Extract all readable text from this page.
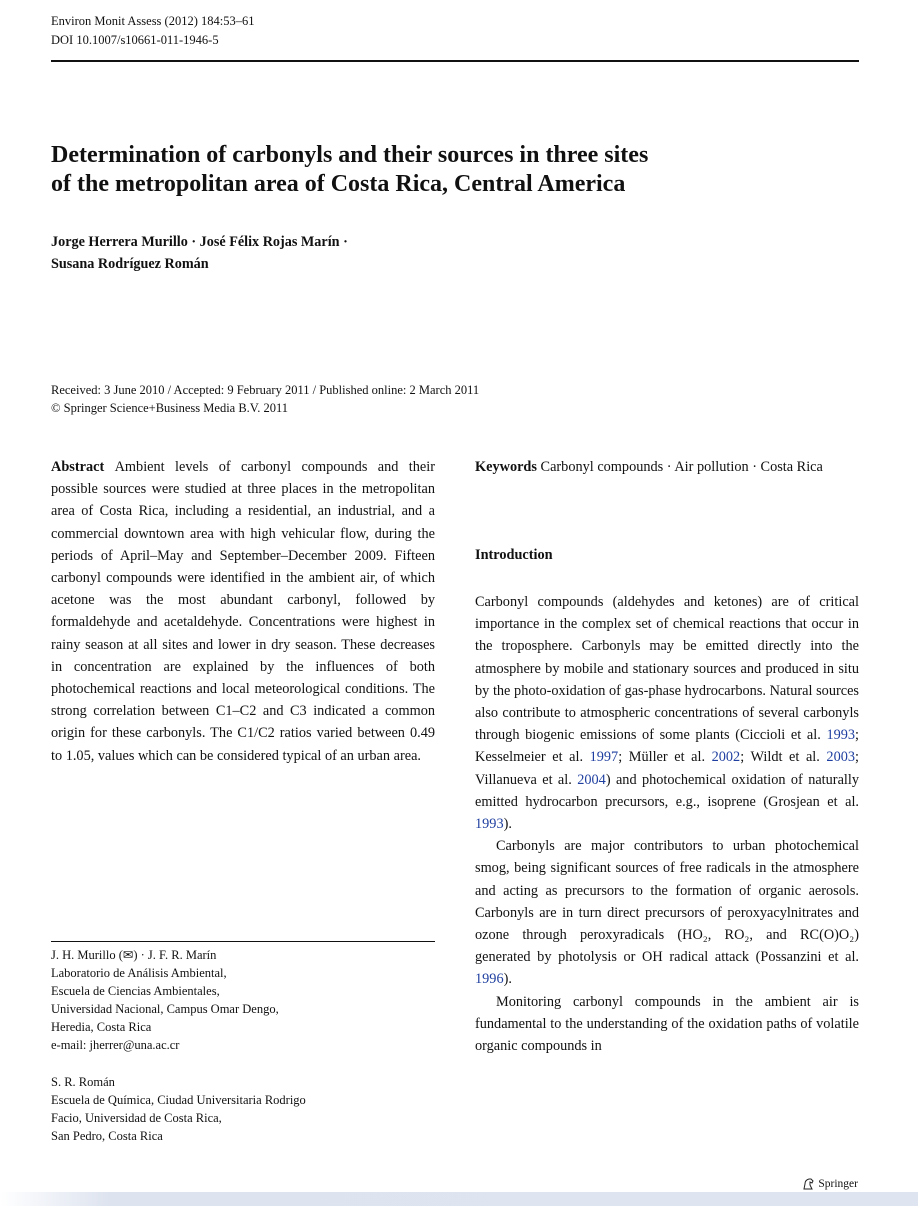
Environ Monit Assess (2012) 184:53–61
DOI 10.1007/s10661-011-1946-5
Determination of carbonyls and their sources in three sites
of the metropolitan area of Costa Rica, Central America
Jorge Herrera Murillo · José Félix Rojas Marín ·
Susana Rodríguez Román
Received: 3 June 2010 / Accepted: 9 February 2011 / Published online: 2 March 2011
© Springer Science+Business Media B.V. 2011
Abstract Ambient levels of carbonyl compounds and their possible sources were studied at three places in the metropolitan area of Costa Rica, including a residential, an industrial, and a commercial downtown area with high vehicular flow, during the periods of April–May and September–December 2009. Fifteen carbonyl compounds were identified in the ambient air, of which acetone was the most abundant carbonyl, followed by formaldehyde and acetaldehyde. Concentrations were highest in rainy season at all sites and lower in dry season. These decreases in concentration are explained by the influences of both photochemical reactions and local meteorological conditions. The strong correlation between C1–C2 and C3 indicated a common origin for these carbonyls. The C1/C2 ratios varied between 0.49 to 1.05, values which can be considered typical of an urban area.
J. H. Murillo (✉) · J. F. R. Marín
Laboratorio de Análisis Ambiental,
Escuela de Ciencias Ambientales,
Universidad Nacional, Campus Omar Dengo,
Heredia, Costa Rica
e-mail: jherrer@una.ac.cr
S. R. Román
Escuela de Química, Ciudad Universitaria Rodrigo
Facio, Universidad de Costa Rica,
San Pedro, Costa Rica
Keywords Carbonyl compounds · Air pollution · Costa Rica
Introduction

Carbonyl compounds (aldehydes and ketones) are of critical importance in the complex set of chemical reactions that occur in the troposphere. Carbonyls may be emitted directly into the atmosphere by mobile and stationary sources and produced in situ by the photo-oxidation of gas-phase hydrocarbons. Natural sources also contribute to atmospheric concentrations of several carbonyls through biogenic emissions of some plants (Ciccioli et al. 1993; Kesselmeier et al. 1997; Müller et al. 2002; Wildt et al. 2003; Villanueva et al. 2004) and photochemical oxidation of naturally emitted hydrocarbon precursors, e.g., isoprene (Grosjean et al. 1993).

Carbonyls are major contributors to urban photochemical smog, being significant sources of free radicals in the atmosphere and acting as precursors to the formation of organic aerosols. Carbonyls are in turn direct precursors of peroxyacylnitrates and ozone through peroxyradicals (HO₂, RO₂, and RC(O)O₂) generated by photolysis or OH radical attack (Possanzini et al. 1996).

Monitoring carbonyl compounds in the ambient air is fundamental to the understanding of the oxidation paths of volatile organic compounds in

Springer
